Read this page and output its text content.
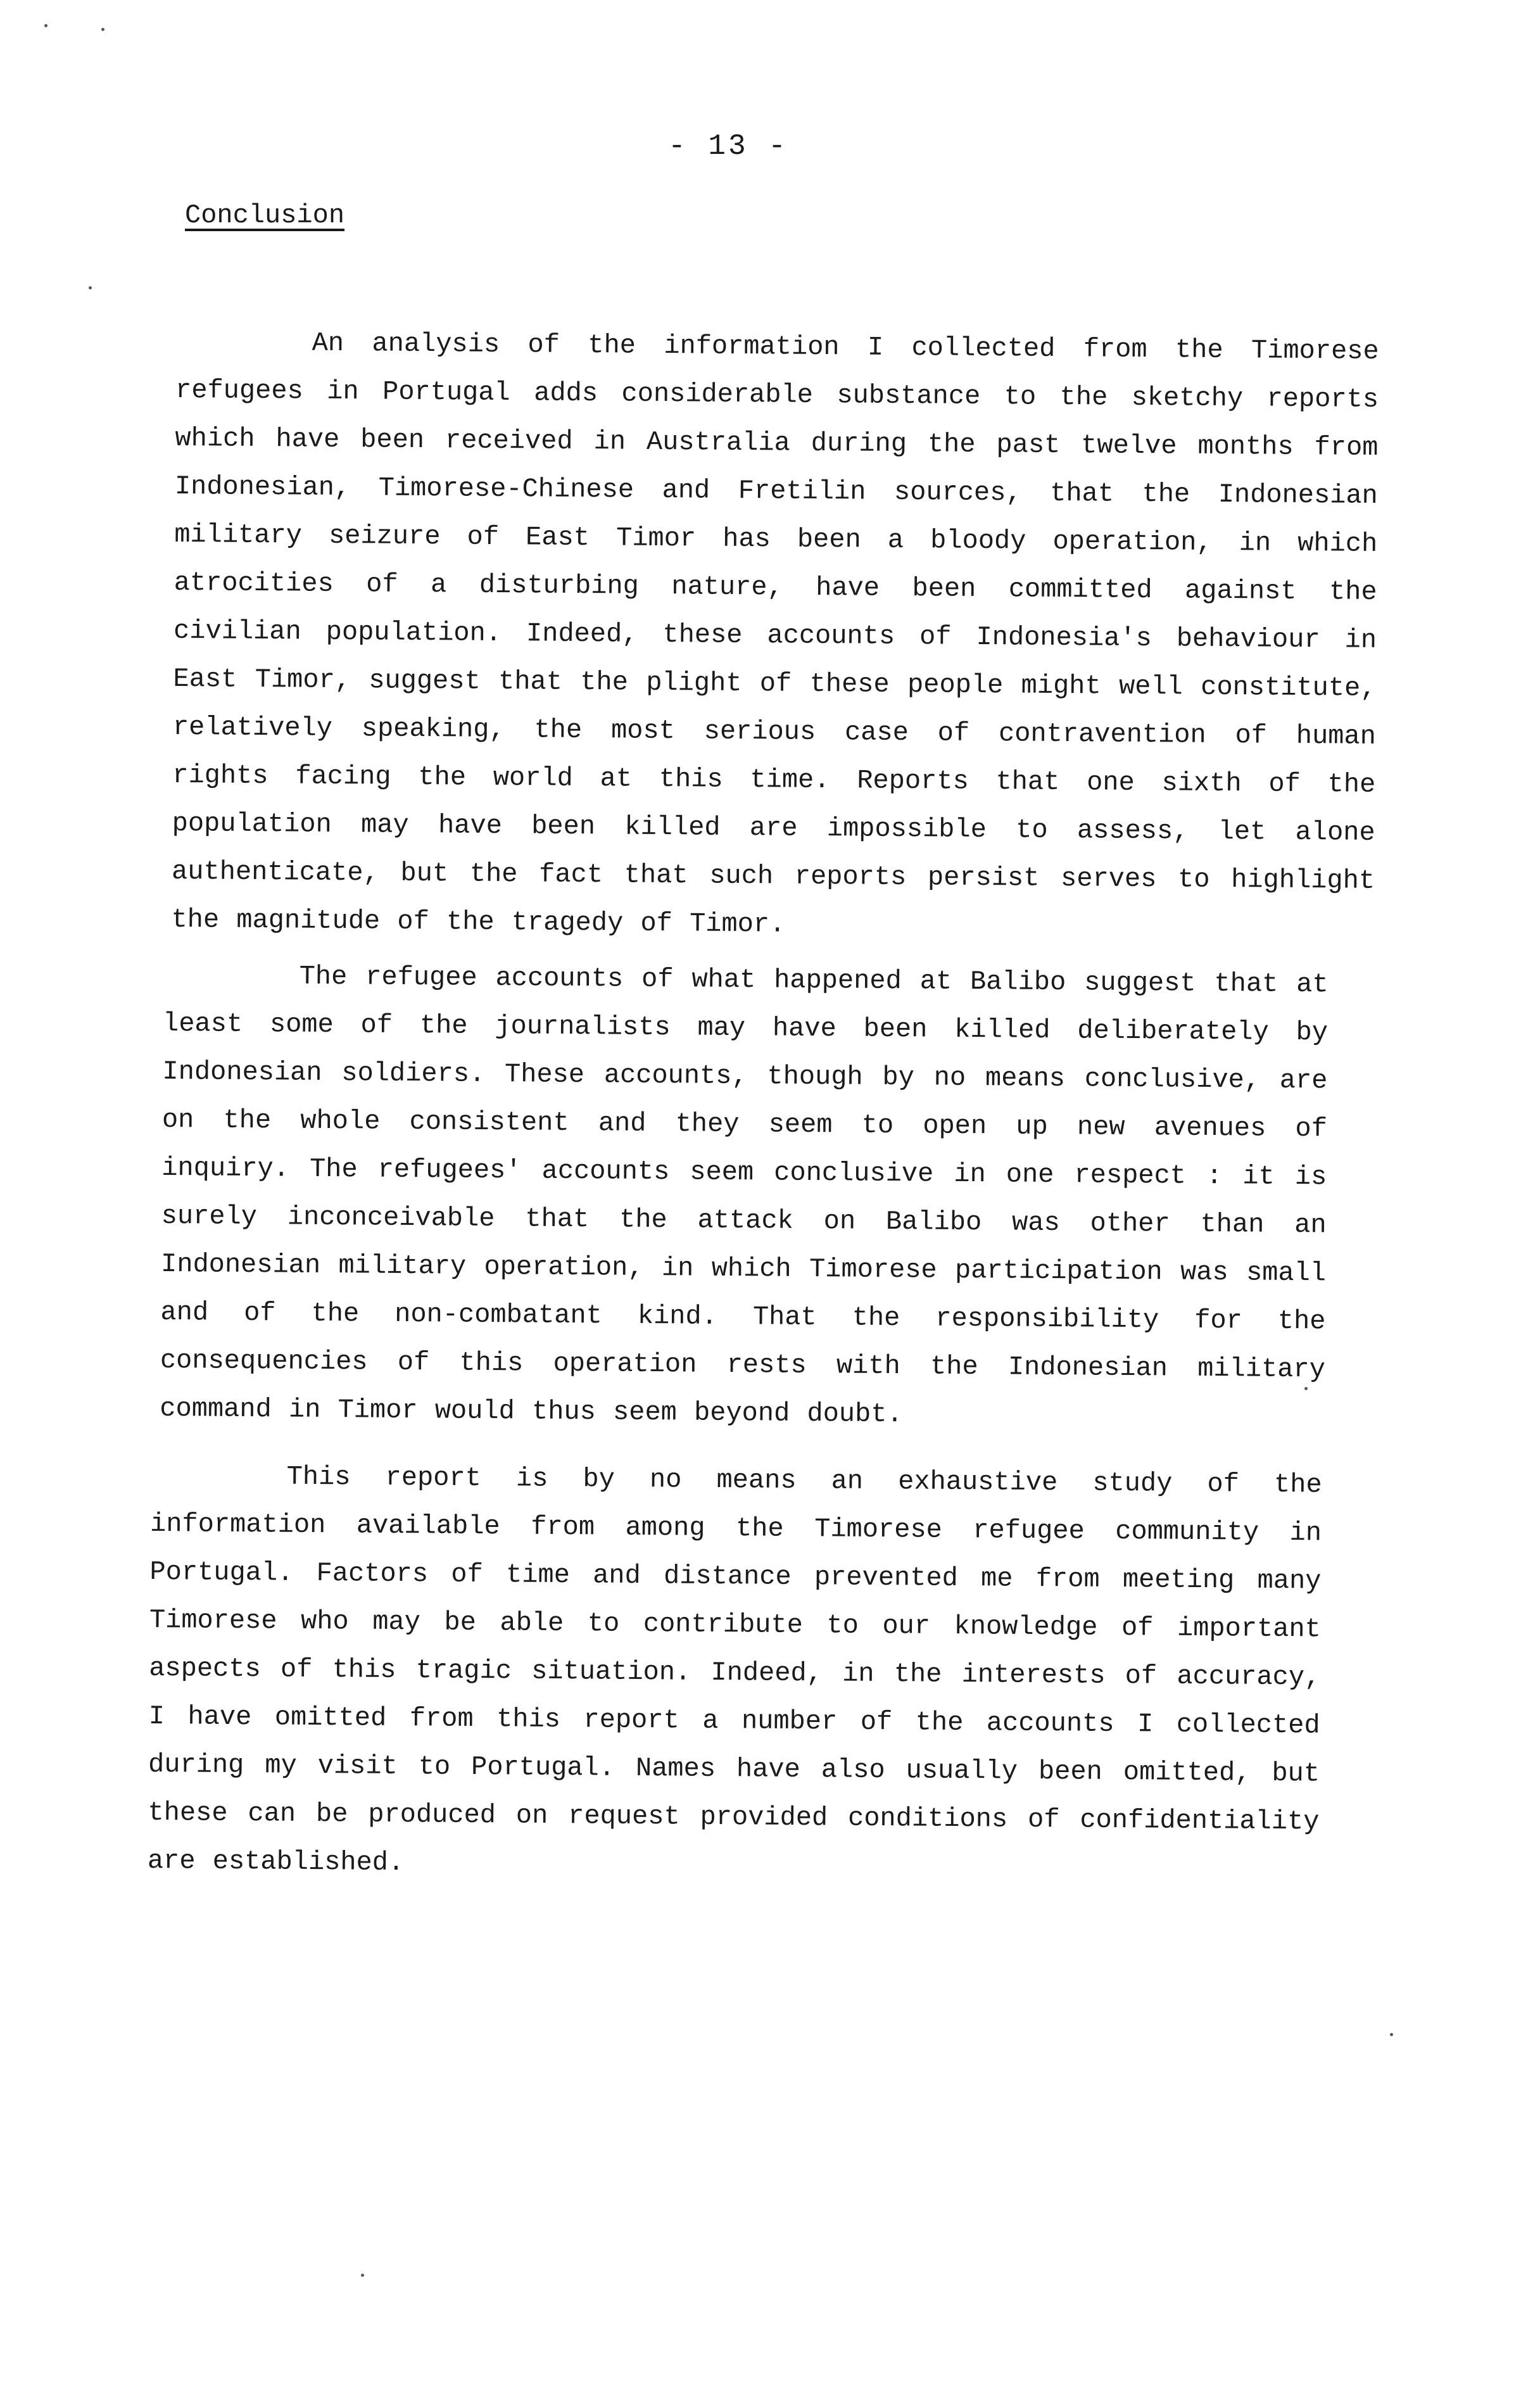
- 13 -
Conclusion

An analysis of the information I collected from the Timorese refugees in Portugal adds considerable substance to the sketchy reports which have been received in Australia during the past twelve months from Indonesian, Timorese-Chinese and Fretilin sources, that the Indonesian military seizure of East Timor has been a bloody operation, in which atrocities of a disturbing nature, have been committed against the civilian population. Indeed, these accounts of Indonesia's behaviour in East Timor, suggest that the plight of these people might well constitute, relatively speaking, the most serious case of contravention of human rights facing the world at this time. Reports that one sixth of the population may have been killed are impossible to assess, let alone authenticate, but the fact that such reports persist serves to highlight the magnitude of the tragedy of Timor.

The refugee accounts of what happened at Balibo suggest that at least some of the journalists may have been killed deliberately by Indonesian soldiers. These accounts, though by no means conclusive, are on the whole consistent and they seem to open up new avenues of inquiry. The refugees' accounts seem conclusive in one respect : it is surely inconceivable that the attack on Balibo was other than an Indonesian military operation, in which Timorese participation was small and of the non-combatant kind. That the responsibility for the consequencies of this operation rests with the Indonesian military command in Timor would thus seem beyond doubt.

This report is by no means an exhaustive study of the information available from among the Timorese refugee community in Portugal. Factors of time and distance prevented me from meeting many Timorese who may be able to contribute to our knowledge of important aspects of this tragic situation. Indeed, in the interests of accuracy, I have omitted from this report a number of the accounts I collected during my visit to Portugal. Names have also usually been omitted, but these can be produced on request provided conditions of confidentiality are established.
